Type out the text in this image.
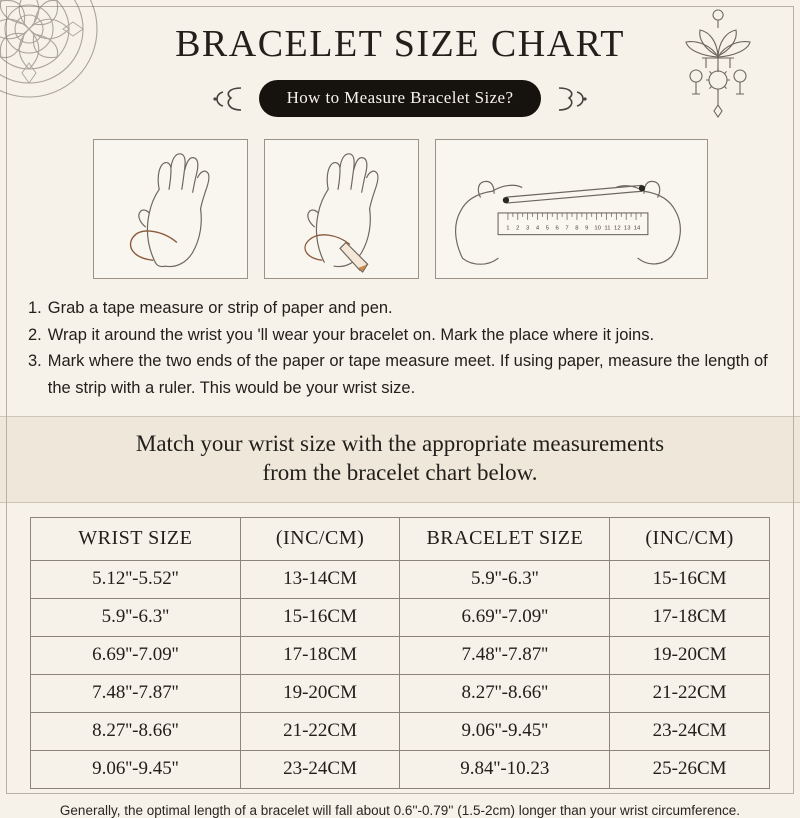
BRACELET SIZE CHART
How to Measure Bracelet Size?
1 2 3 4 5 6 7 8 9 10 11 12 13 14
1. Grab a tape measure or strip of paper and pen.
2. Wrap it around the wrist you 'll wear your bracelet on. Mark the place where it joins.
3. Mark where the two ends of the paper or tape measure meet. If using paper, measure the length of the strip with a ruler. This would be your wrist size.
Match your wrist size with the appropriate measurements
from the bracelet chart below.
WRIST SIZE	(INC/CM)	BRACELET SIZE	(INC/CM)
5.12''-5.52''	13-14CM	5.9''-6.3''	15-16CM
5.9''-6.3''	15-16CM	6.69''-7.09''	17-18CM
6.69''-7.09''	17-18CM	7.48''-7.87''	19-20CM
7.48''-7.87''	19-20CM	8.27''-8.66''	21-22CM
8.27''-8.66''	21-22CM	9.06''-9.45''	23-24CM
9.06''-9.45''	23-24CM	9.84''-10.23	25-26CM
Generally, the optimal length of a bracelet will fall about 0.6''-0.79'' (1.5-2cm) longer than your wrist circumference.
